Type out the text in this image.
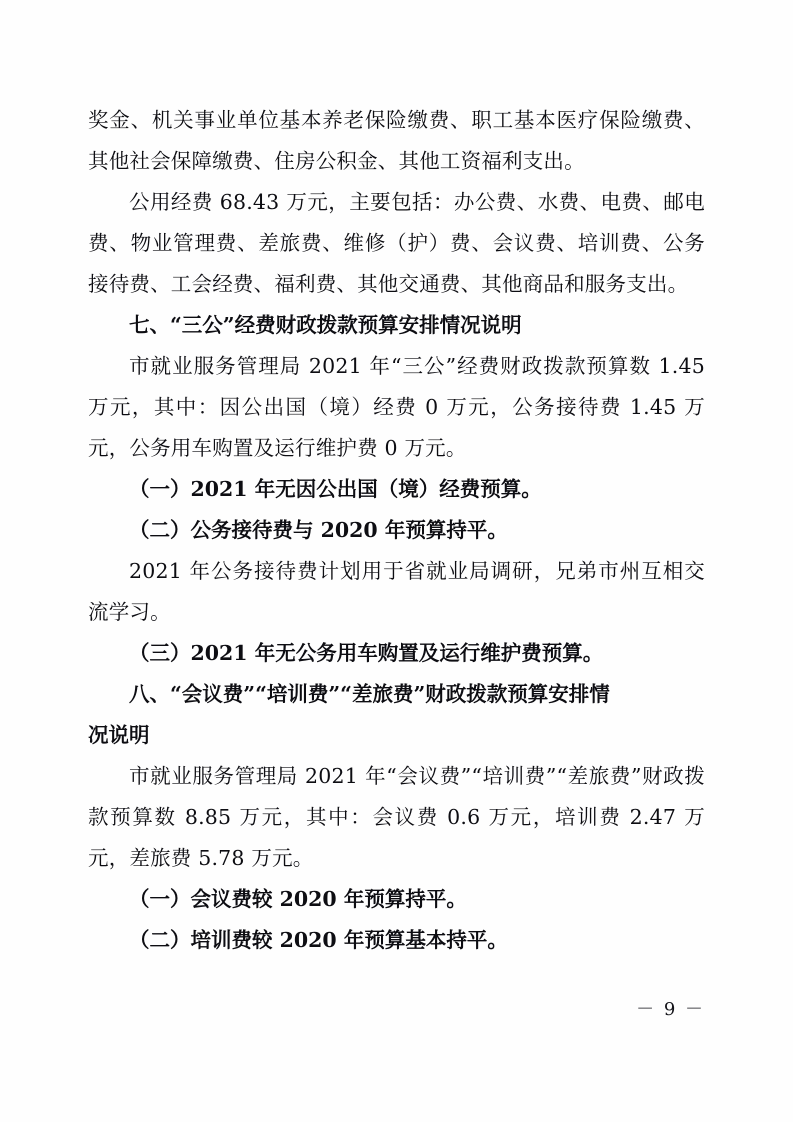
奖金、机关事业单位基本养老保险缴费、职工基本医疗保险缴费、其他社会保障缴费、住房公积金、其他工资福利支出。

公用经费 68.43 万元，主要包括：办公费、水费、电费、邮电费、物业管理费、差旅费、维修（护）费、会议费、培训费、公务接待费、工会经费、福利费、其他交通费、其他商品和服务支出。

七、“三公”经费财政拨款预算安排情况说明

市就业服务管理局 2021 年“三公”经费财政拨款预算数 1.45 万元，其中：因公出国（境）经费 0 万元，公务接待费 1.45 万元，公务用车购置及运行维护费 0 万元。

（一）2021 年无因公出国（境）经费预算。

（二）公务接待费与 2020 年预算持平。

2021 年公务接待费计划用于省就业局调研，兄弟市州互相交流学习。

（三）2021 年无公务用车购置及运行维护费预算。

八、“会议费”“培训费”“差旅费”财政拨款预算安排情

况说明

市就业服务管理局 2021 年“会议费”“培训费”“差旅费”财政拨款预算数 8.85 万元，其中：会议费 0.6 万元，培训费 2.47 万元，差旅费 5.78 万元。

（一）会议费较 2020 年预算持平。

（二）培训费较 2020 年预算基本持平。

－ 9 －
